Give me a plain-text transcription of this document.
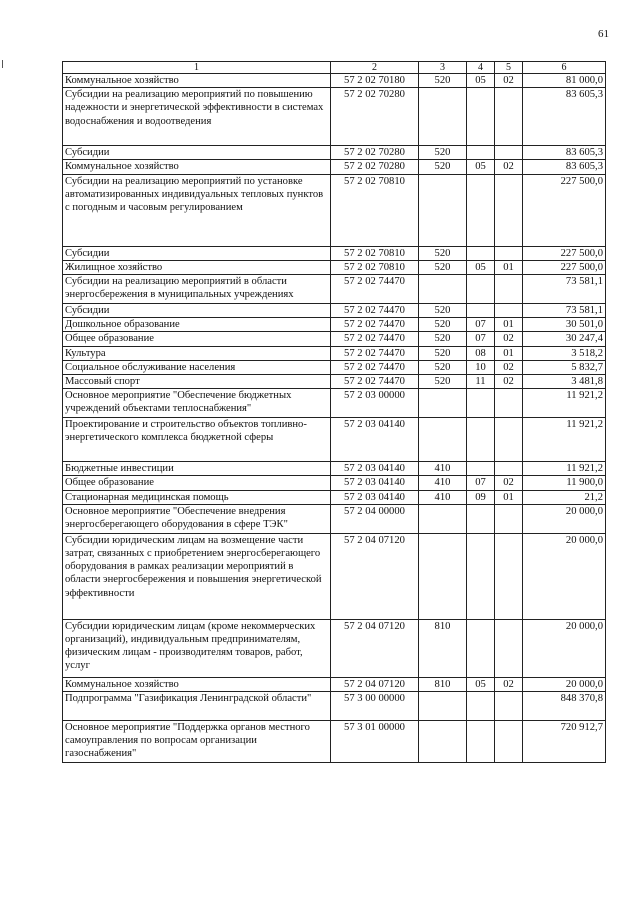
61
1	2	3	4	5	6
Коммунальное хозяйство	57 2 02 70180	520	05	02	81 000,0
Субсидии на реализацию мероприятий по повышению надежности и энергетической эффективности в системах водоснабжения и водоотведения	57 2 02 70280				83 605,3
Субсидии	57 2 02 70280	520			83 605,3
Коммунальное хозяйство	57 2 02 70280	520	05	02	83 605,3
Субсидии на реализацию мероприятий по установке автоматизированных индивидуальных тепловых пунктов с погодным и часовым регулированием	57 2 02 70810				227 500,0
Субсидии	57 2 02 70810	520			227 500,0
Жилищное хозяйство	57 2 02 70810	520	05	01	227 500,0
Субсидии на реализацию мероприятий в области энергосбережения в муниципальных учреждениях	57 2 02 74470				73 581,1
Субсидии	57 2 02 74470	520			73 581,1
Дошкольное образование	57 2 02 74470	520	07	01	30 501,0
Общее образование	57 2 02 74470	520	07	02	30 247,4
Культура	57 2 02 74470	520	08	01	3 518,2
Социальное обслуживание населения	57 2 02 74470	520	10	02	5 832,7
Массовый спорт	57 2 02 74470	520	11	02	3 481,8
Основное мероприятие "Обеспечение бюджетных учреждений объектами теплоснабжения"	57 2 03 00000				11 921,2
Проектирование и строительство объектов топливно-энергетического комплекса бюджетной сферы	57 2 03 04140				11 921,2
Бюджетные инвестиции	57 2 03 04140	410			11 921,2
Общее образование	57 2 03 04140	410	07	02	11 900,0
Стационарная медицинская помощь	57 2 03 04140	410	09	01	21,2
Основное мероприятие "Обеспечение внедрения энергосберегающего оборудования в сфере ТЭК"	57 2 04 00000				20 000,0
Субсидии юридическим лицам на возмещение части затрат, связанных с приобретением энергосберегающего оборудования в рамках реализации мероприятий в области энергосбережения и повышения энергетической эффективности	57 2 04 07120				20 000,0
Субсидии юридическим лицам (кроме некоммерческих организаций), индивидуальным предпринимателям, физическим лицам - производителям товаров, работ, услуг	57 2 04 07120	810			20 000,0
Коммунальное хозяйство	57 2 04 07120	810	05	02	20 000,0
Подпрограмма "Газификация Ленинградской области"	57 3 00 00000				848 370,8
Основное мероприятие "Поддержка органов местного самоуправления по вопросам организации газоснабжения"	57 3 01 00000				720 912,7
